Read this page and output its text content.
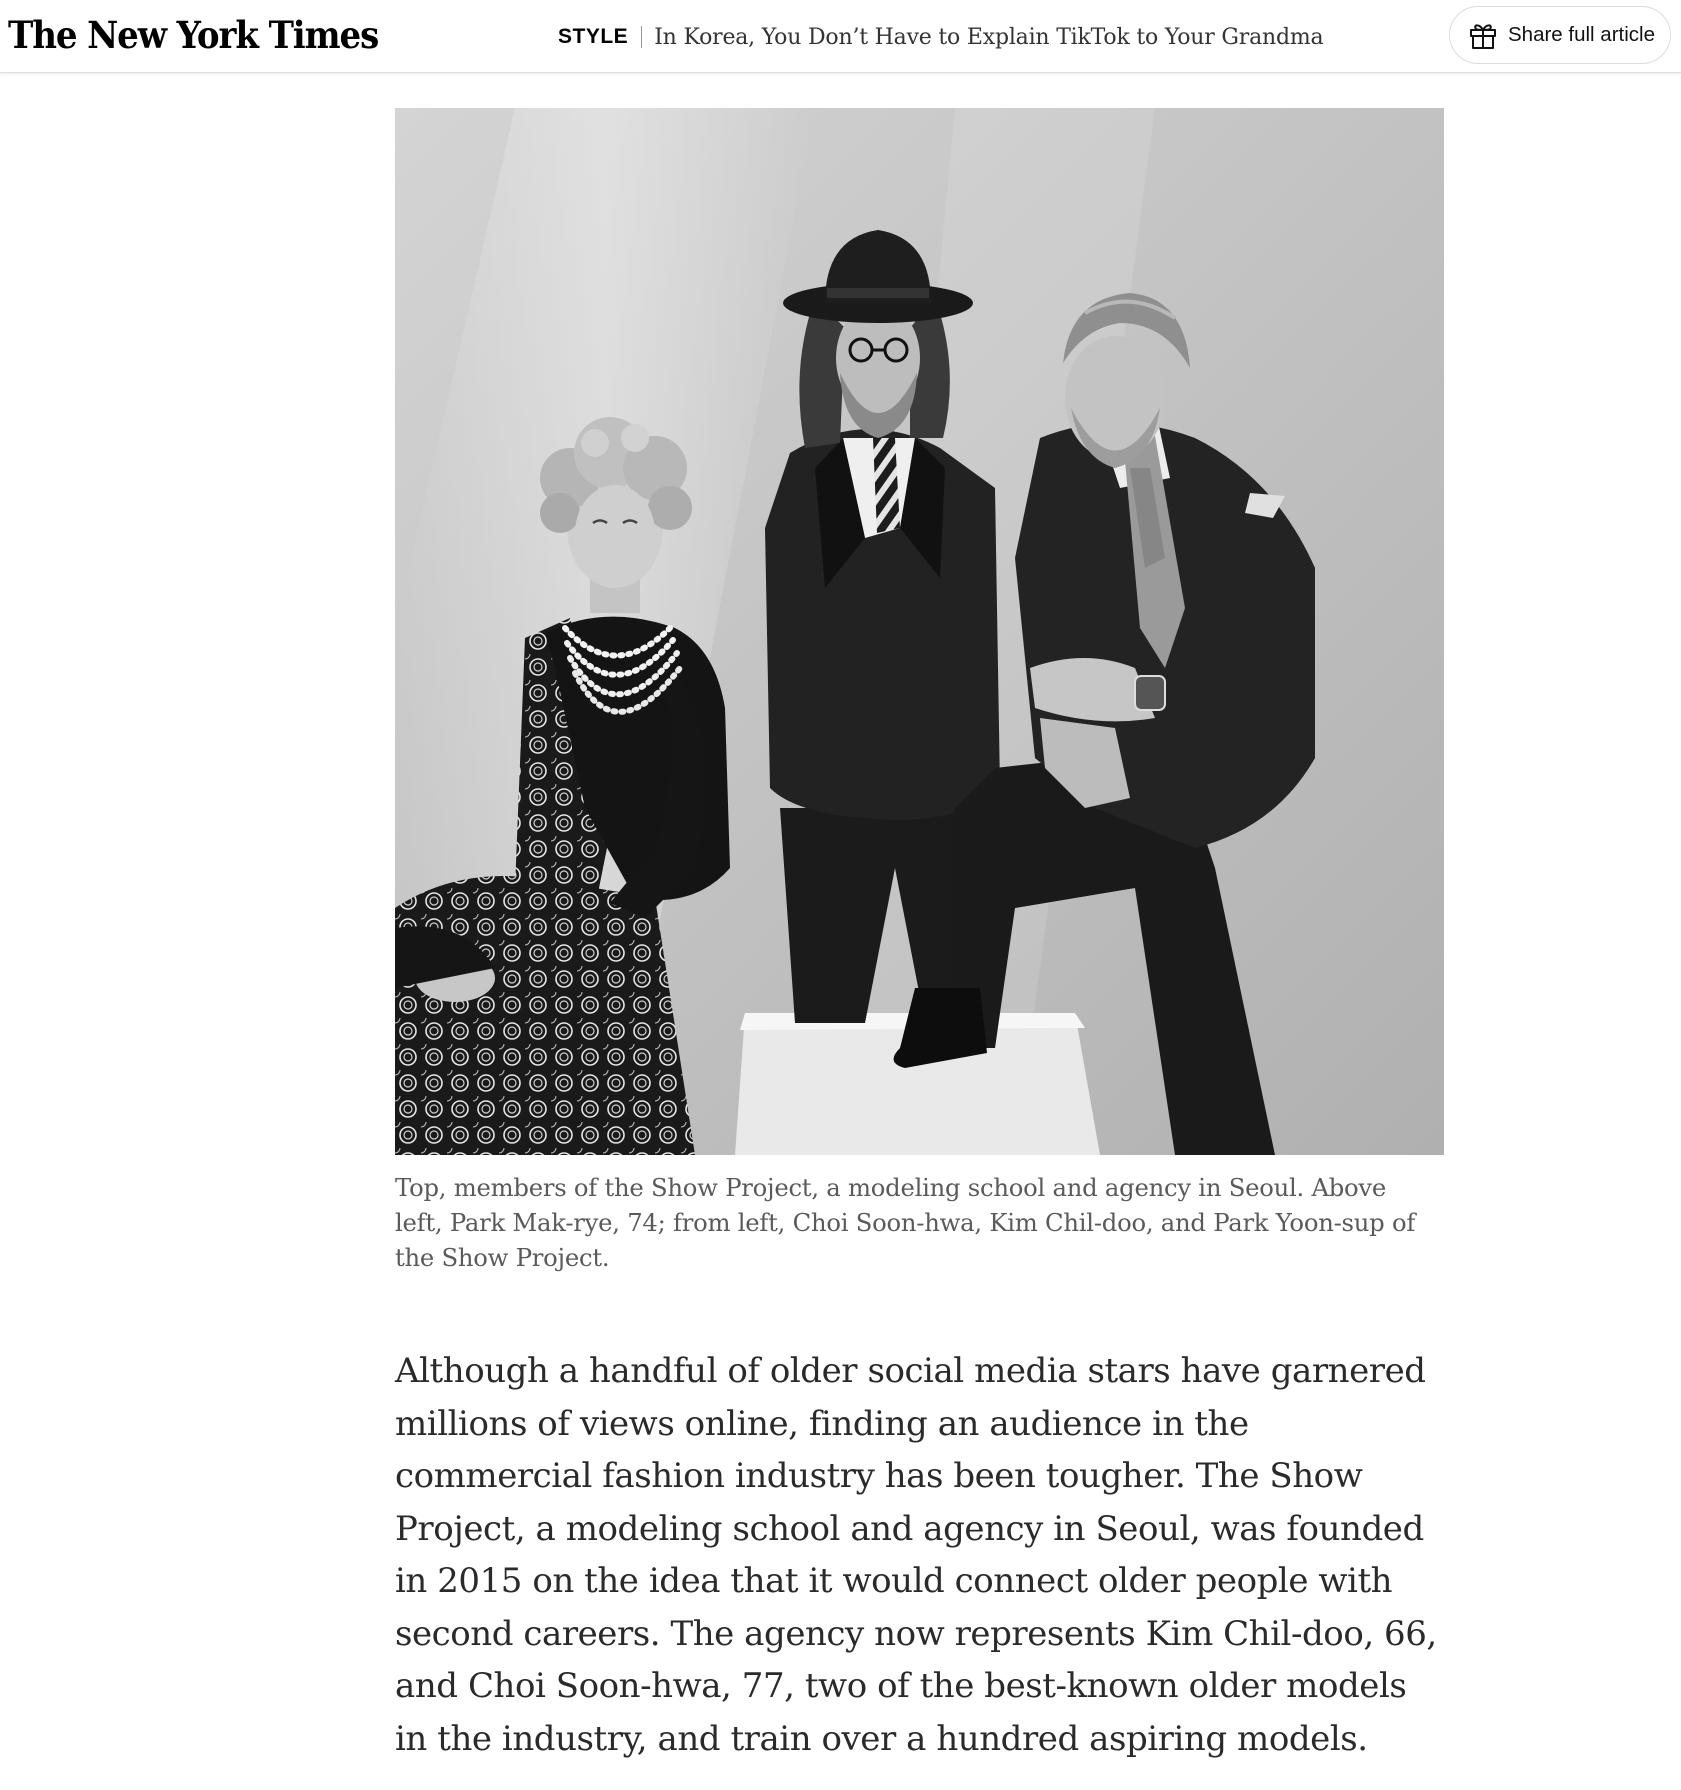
The New York Times	STYLE In Korea, You Don’t Have to Explain TikTok to Your Grandma	Share full article
Top, members of the Show Project, a modeling school and agency in Seoul. Above left, Park Mak-rye, 74; from left, Choi Soon-hwa, Kim Chil-doo, and Park Yoon-sup of the Show Project.

Although a handful of older social media stars have garnered millions of views online, finding an audience in the commercial fashion industry has been tougher. The Show Project, a modeling school and agency in Seoul, was founded in 2015 on the idea that it would connect older people with second careers. The agency now represents Kim Chil-doo, 66, and Choi Soon-hwa, 77, two of the best-known older models in the industry, and train over a hundred aspiring models.
